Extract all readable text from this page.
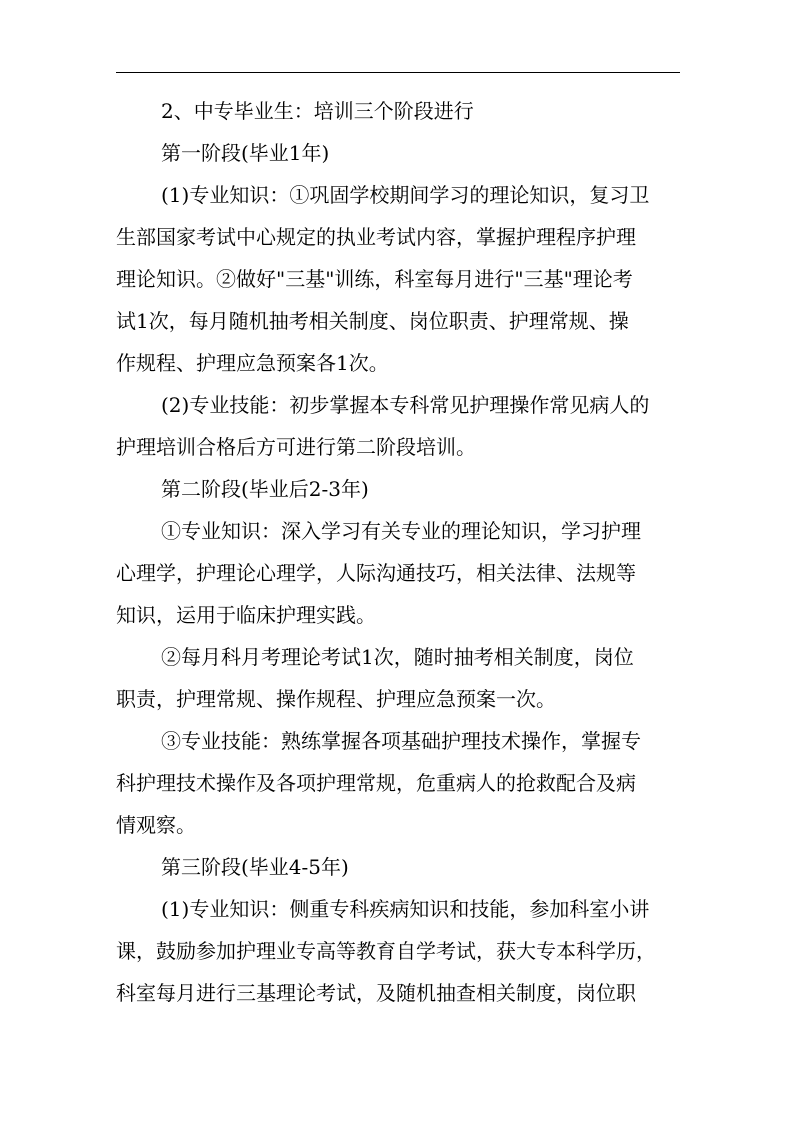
2、中专毕业生：培训三个阶段进行
第一阶段(毕业1年)
(1)专业知识：①巩固学校期间学习的理论知识，复习卫
生部国家考试中心规定的执业考试内容，掌握护理程序护理
理论知识。②做好"三基"训练，科室每月进行"三基"理论考
试1次，每月随机抽考相关制度、岗位职责、护理常规、操
作规程、护理应急预案各1次。
(2)专业技能：初步掌握本专科常见护理操作常见病人的
护理培训合格后方可进行第二阶段培训。
第二阶段(毕业后2-3年)
①专业知识：深入学习有关专业的理论知识，学习护理
心理学，护理论心理学，人际沟通技巧，相关法律、法规等
知识，运用于临床护理实践。
②每月科月考理论考试1次，随时抽考相关制度，岗位
职责，护理常规、操作规程、护理应急预案一次。
③专业技能：熟练掌握各项基础护理技术操作，掌握专
科护理技术操作及各项护理常规，危重病人的抢救配合及病
情观察。
第三阶段(毕业4-5年)
(1)专业知识：侧重专科疾病知识和技能，参加科室小讲
课，鼓励参加护理业专高等教育自学考试，获大专本科学历，
科室每月进行三基理论考试，及随机抽查相关制度，岗位职
